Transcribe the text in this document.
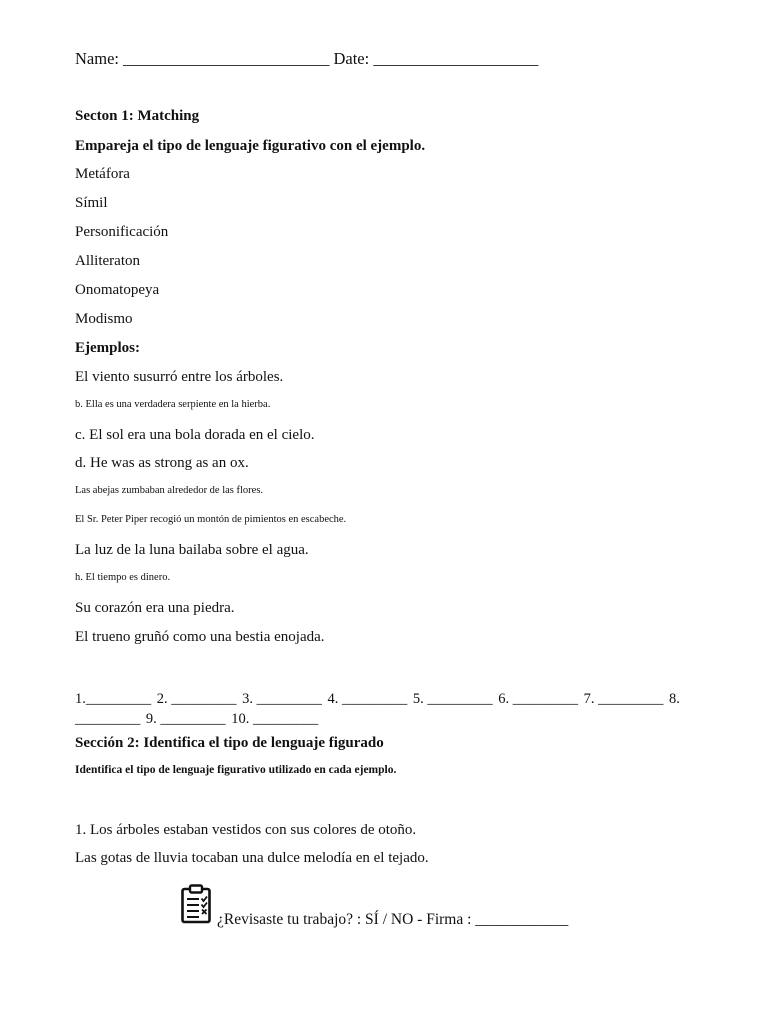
Name: _________________________ Date: ____________________
Secton 1: Matching
Empareja el tipo de lenguaje figurativo con el ejemplo.
Metáfora
Símil
Personificación
Alliteraton
Onomatopeya
Modismo
Ejemplos:
El viento susurró entre los árboles.
b. Ella es una verdadera serpiente en la hierba.
c. El sol era una bola dorada en el cielo.
d. He was as strong as an ox.
Las abejas zumbaban alrededor de las flores.
El Sr. Peter Piper recogió un montón de pimientos en escabeche.
La luz de la luna bailaba sobre el agua.
h. El tiempo es dinero.
Su corazón era una piedra.
El trueno gruñó como una bestia enojada.
1._________ 2. _________ 3. _________ 4. _________ 5. _________ 6. _________ 7. _________ 8. _________ 9. _________ 10. _________
Sección 2: Identifica el tipo de lenguaje figurado
Identifica el tipo de lenguaje figurativo utilizado en cada ejemplo.
1. Los árboles estaban vestidos con sus colores de otoño.
Las gotas de lluvia tocaban una dulce melodía en el tejado.
¿Revisaste tu trabajo? : SÍ / NO - Firma : ____________
